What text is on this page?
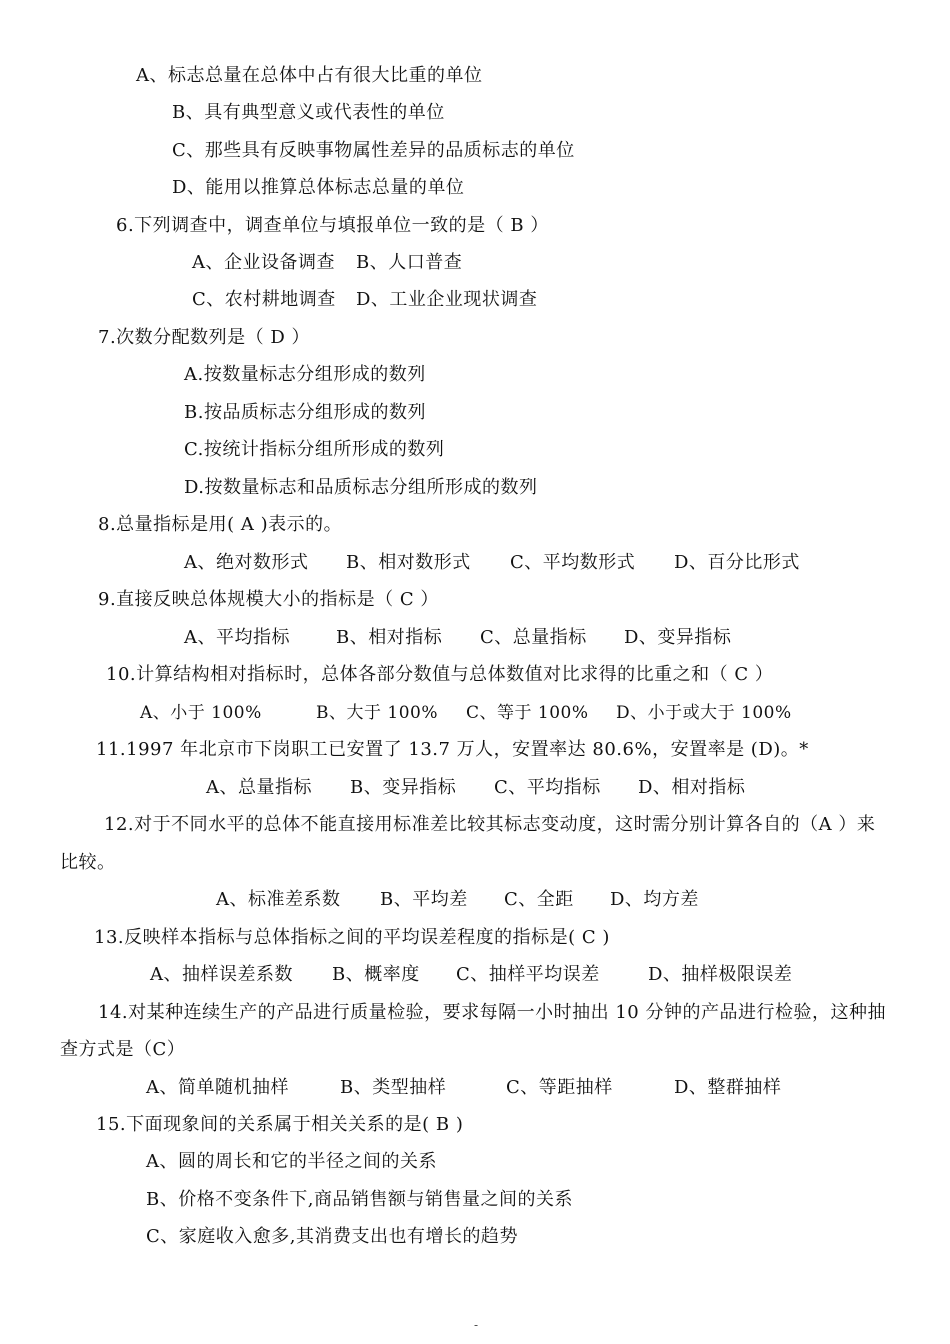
A、标志总量在总体中占有很大比重的单位
B、具有典型意义或代表性的单位
C、那些具有反映事物属性差异的品质标志的单位
D、能用以推算总体标志总量的单位
6.下列调查中，调查单位与填报单位一致的是（ B ）
A、企业设备调查 B、人口普查
C、农村耕地调查 D、工业企业现状调查
7.次数分配数列是（ D ）
A.按数量标志分组形成的数列
B.按品质标志分组形成的数列
C.按统计指标分组所形成的数列
D.按数量标志和品质标志分组所形成的数列
8.总量指标是用( A )表示的。
A、绝对数形式 B、相对数形式 C、平均数形式 D、百分比形式
9.直接反映总体规模大小的指标是（ C ）
A、平均指标	B、相对指标 C、总量指标 D、变异指标
10.计算结构相对指标时，总体各部分数值与总体数值对比求得的比重之和（ C ）
A、小于 100%	B、大于 100% C、等于 100% D、小于或大于 100%
11.1997 年北京市下岗职工已安置了 13.7 万人，安置率达 80.6%，安置率是 (D)。*
A、总量指标 B、变异指标 C、平均指标 D、相对指标
12.对于不同水平的总体不能直接用标准差比较其标志变动度，这时需分别计算各自的（A ）来
比较。
A、标准差系数 B、平均差 C、全距 D、均方差
13.反映样本指标与总体指标之间的平均误差程度的指标是( C )
A、抽样误差系数 B、概率度 C、抽样平均误差	D、抽样极限误差
14.对某种连续生产的产品进行质量检验，要求每隔一小时抽出 10 分钟的产品进行检验，这种抽
查方式是（C）
A、简单随机抽样	B、类型抽样	C、等距抽样	D、整群抽样
15.下面现象间的关系属于相关关系的是( B )
A、圆的周长和它的半径之间的关系
B、价格不变条件下,商品销售额与销售量之间的关系
C、家庭收入愈多,其消费支出也有增长的趋势
-
